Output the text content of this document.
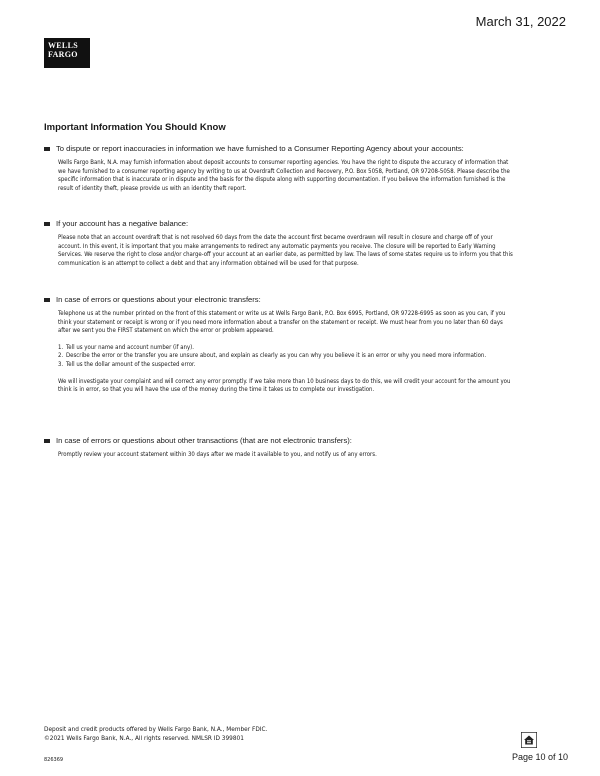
March 31, 2022
WELLS
FARGO
Important Information You Should Know
To dispute or report inaccuracies in information we have furnished to a Consumer Reporting Agency about your accounts:

Wells Fargo Bank, N.A. may furnish information about deposit accounts to consumer reporting agencies. You have the right to dispute the accuracy of information that we have furnished to a consumer reporting agency by writing to us at Overdraft Collection and Recovery, P.O. Box 5058, Portland, OR 97208-5058. Please describe the specific information that is inaccurate or in dispute and the basis for the dispute along with supporting documentation. If you believe the information furnished is the result of identity theft, please provide us with an identity theft report.

If your account has a negative balance:

Please note that an account overdraft that is not resolved 60 days from the date the account first became overdrawn will result in closure and charge off of your account. In this event, it is important that you make arrangements to redirect any automatic payments you receive. The closure will be reported to Early Warning Services. We reserve the right to close and/or charge-off your account at an earlier date, as permitted by law. The laws of some states require us to inform you that this communication is an attempt to collect a debt and that any information obtained will be used for that purpose.

In case of errors or questions about your electronic transfers:

Telephone us at the number printed on the front of this statement or write us at Wells Fargo Bank, P.O. Box 6995, Portland, OR 97228-6995 as soon as you can, if you think your statement or receipt is wrong or if you need more information about a transfer on the statement or receipt. We must hear from you no later than 60 days after we sent you the FIRST statement on which the error or problem appeared.

1. Tell us your name and account number (if any).
2. Describe the error or the transfer you are unsure about, and explain as clearly as you can why you believe it is an error or why you need more information.
3. Tell us the dollar amount of the suspected error.

We will investigate your complaint and will correct any error promptly. If we take more than 10 business days to do this, we will credit your account for the amount you think is in error, so that you will have the use of the money during the time it takes us to complete our investigation.

In case of errors or questions about other transactions (that are not electronic transfers):

Promptly review your account statement within 30 days after we made it available to you, and notify us of any errors.

Deposit and credit products offered by Wells Fargo Bank, N.A., Member FDIC.
©2021 Wells Fargo Bank, N.A., All rights reserved. NMLSR ID 399801
826369	Page 10 of 10
